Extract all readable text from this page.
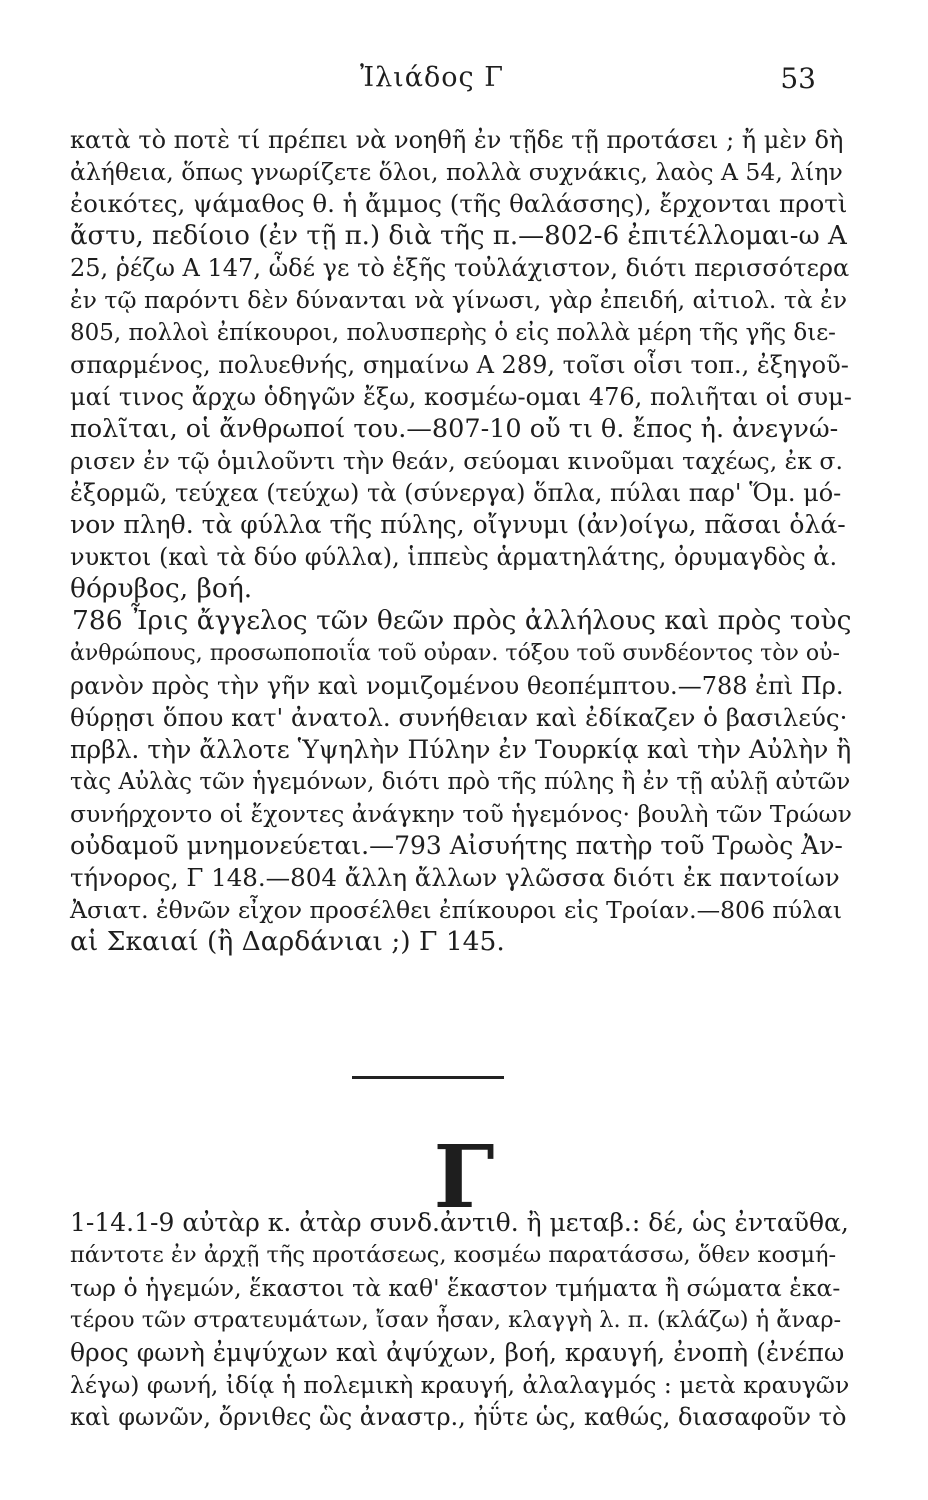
Ἰλιάδος Γ	53

κατὰ τὸ ποτὲ τί πρέπει νὰ νοηθῆ ἐν τῇδε τῇ προτάσει ; ἤ μὲν δὴ
ἀλήθεια, ὅπως γνωρίζετε ὅλοι, πολλὰ συχνάκις, λαὸς Α 54, λίην
ἐοικότες, ψάμαθος θ. ἡ ἄμμος (τῆς θαλάσσης), ἔρχονται προτὶ
ἄστυ, πεδίοιο (ἐν τῇ π.) διὰ τῆς π.—802-6 ἐπιτέλλομαι-ω Α
25, ῥέζω Α 147, ὧδέ γε τὸ ἑξῆς τοὐλάχιστον, διότι περισσότερα
ἐν τῷ παρόντι δὲν δύνανται νὰ γίνωσι, γὰρ ἐπειδή, αἰτιολ. τὰ ἐν
805, πολλοὶ ἐπίκουροι, πολυσπερὴς ὁ εἰς πολλὰ μέρη τῆς γῆς διε-
σπαρμένος, πολυεθνής, σημαίνω Α 289, τοῖσι οἷσι τοπ., ἐξηγοῦ-
μαί τινος ἄρχω ὁδηγῶν ἔξω, κοσμέω-ομαι 476, πολιῆται οἱ συμ-
πολῖται, οἱ ἄνθρωποί του.—807-10 οὔ τι θ. ἔπος ἠ. ἀνεγνώ-
ρισεν ἐν τῷ ὁμιλοῦντι τὴν θεάν, σεύομαι κινοῦμαι ταχέως, ἐκ σ.
ἐξορμῶ, τεύχεα (τεύχω) τὰ (σύνεργα) ὅπλα, πύλαι παρ' Ὅμ. μό-
νον πληθ. τὰ φύλλα τῆς πύλης, οἴγνυμι (ἀν)οίγω, πᾶσαι ὁλά-
νυκτοι (καὶ τὰ δύο φύλλα), ἱππεὺς ἁρματηλάτης, ὀρυμαγδὸς ἀ.
θόρυβος, βοή.

786 Ἶρις ἄγγελος τῶν θεῶν πρὸς ἀλλήλους καὶ πρὸς τοὺς
ἀνθρώπους, προσωποποιΐα τοῦ οὐραν. τόξου τοῦ συνδέοντος τὸν οὐ-
ρανὸν πρὸς τὴν γῆν καὶ νομιζομένου θεοπέμπτου.—788 ἐπὶ Πρ.
θύρῃσι ὅπου κατ' ἀνατολ. συνήθειαν καὶ ἐδίκαζεν ὁ βασιλεύς·
πρβλ. τὴν ἄλλοτε Ὑψηλὴν Πύλην ἐν Τουρκίᾳ καὶ τὴν Αὐλὴν ἢ
τὰς Αὐλὰς τῶν ἡγεμόνων, διότι πρὸ τῆς πύλης ἢ ἐν τῇ αὐλῇ αὐτῶν
συνήρχοντο οἱ ἔχοντες ἀνάγκην τοῦ ἡγεμόνος· βουλὴ τῶν Τρώων
οὐδαμοῦ μνημονεύεται.—793 Αἰσυήτης πατὴρ τοῦ Τρωὸς Ἀν-
τήνορος, Γ 148.—804 ἄλλη ἄλλων γλῶσσα διότι ἐκ παντοίων
Ἀσιατ. ἐθνῶν εἶχον προσέλθει ἐπίκουροι εἰς Τροίαν.—806 πύλαι
αἱ Σκαιαί (ἢ Δαρδάνιαι ;) Γ 145.

Γ

1-14.1-9 αὐτὰρ κ. ἀτὰρ συνδ.ἀντιθ. ἢ μεταβ.: δέ, ὡς ἐνταῦθα,
πάντοτε ἐν ἀρχῇ τῆς προτάσεως, κοσμέω παρατάσσω, ὅθεν κοσμή-
τωρ ὁ ἡγεμών, ἕκαστοι τὰ καθ' ἕκαστον τμήματα ἢ σώματα ἑκα-
τέρου τῶν στρατευμάτων, ἴσαν ἦσαν, κλαγγὴ λ. π. (κλάζω) ἡ ἄναρ-
θρος φωνὴ ἐμψύχων καὶ ἀψύχων, βοή, κραυγή, ἐνοπὴ (ἐνέπω
λέγω) φωνή, ἰδίᾳ ἡ πολεμικὴ κραυγή, ἀλαλαγμός : μετὰ κραυγῶν
καὶ φωνῶν, ὄρνιθες ὣς ἀναστρ., ἠΰτε ὡς, καθώς, διασαφοῦν τὸ
